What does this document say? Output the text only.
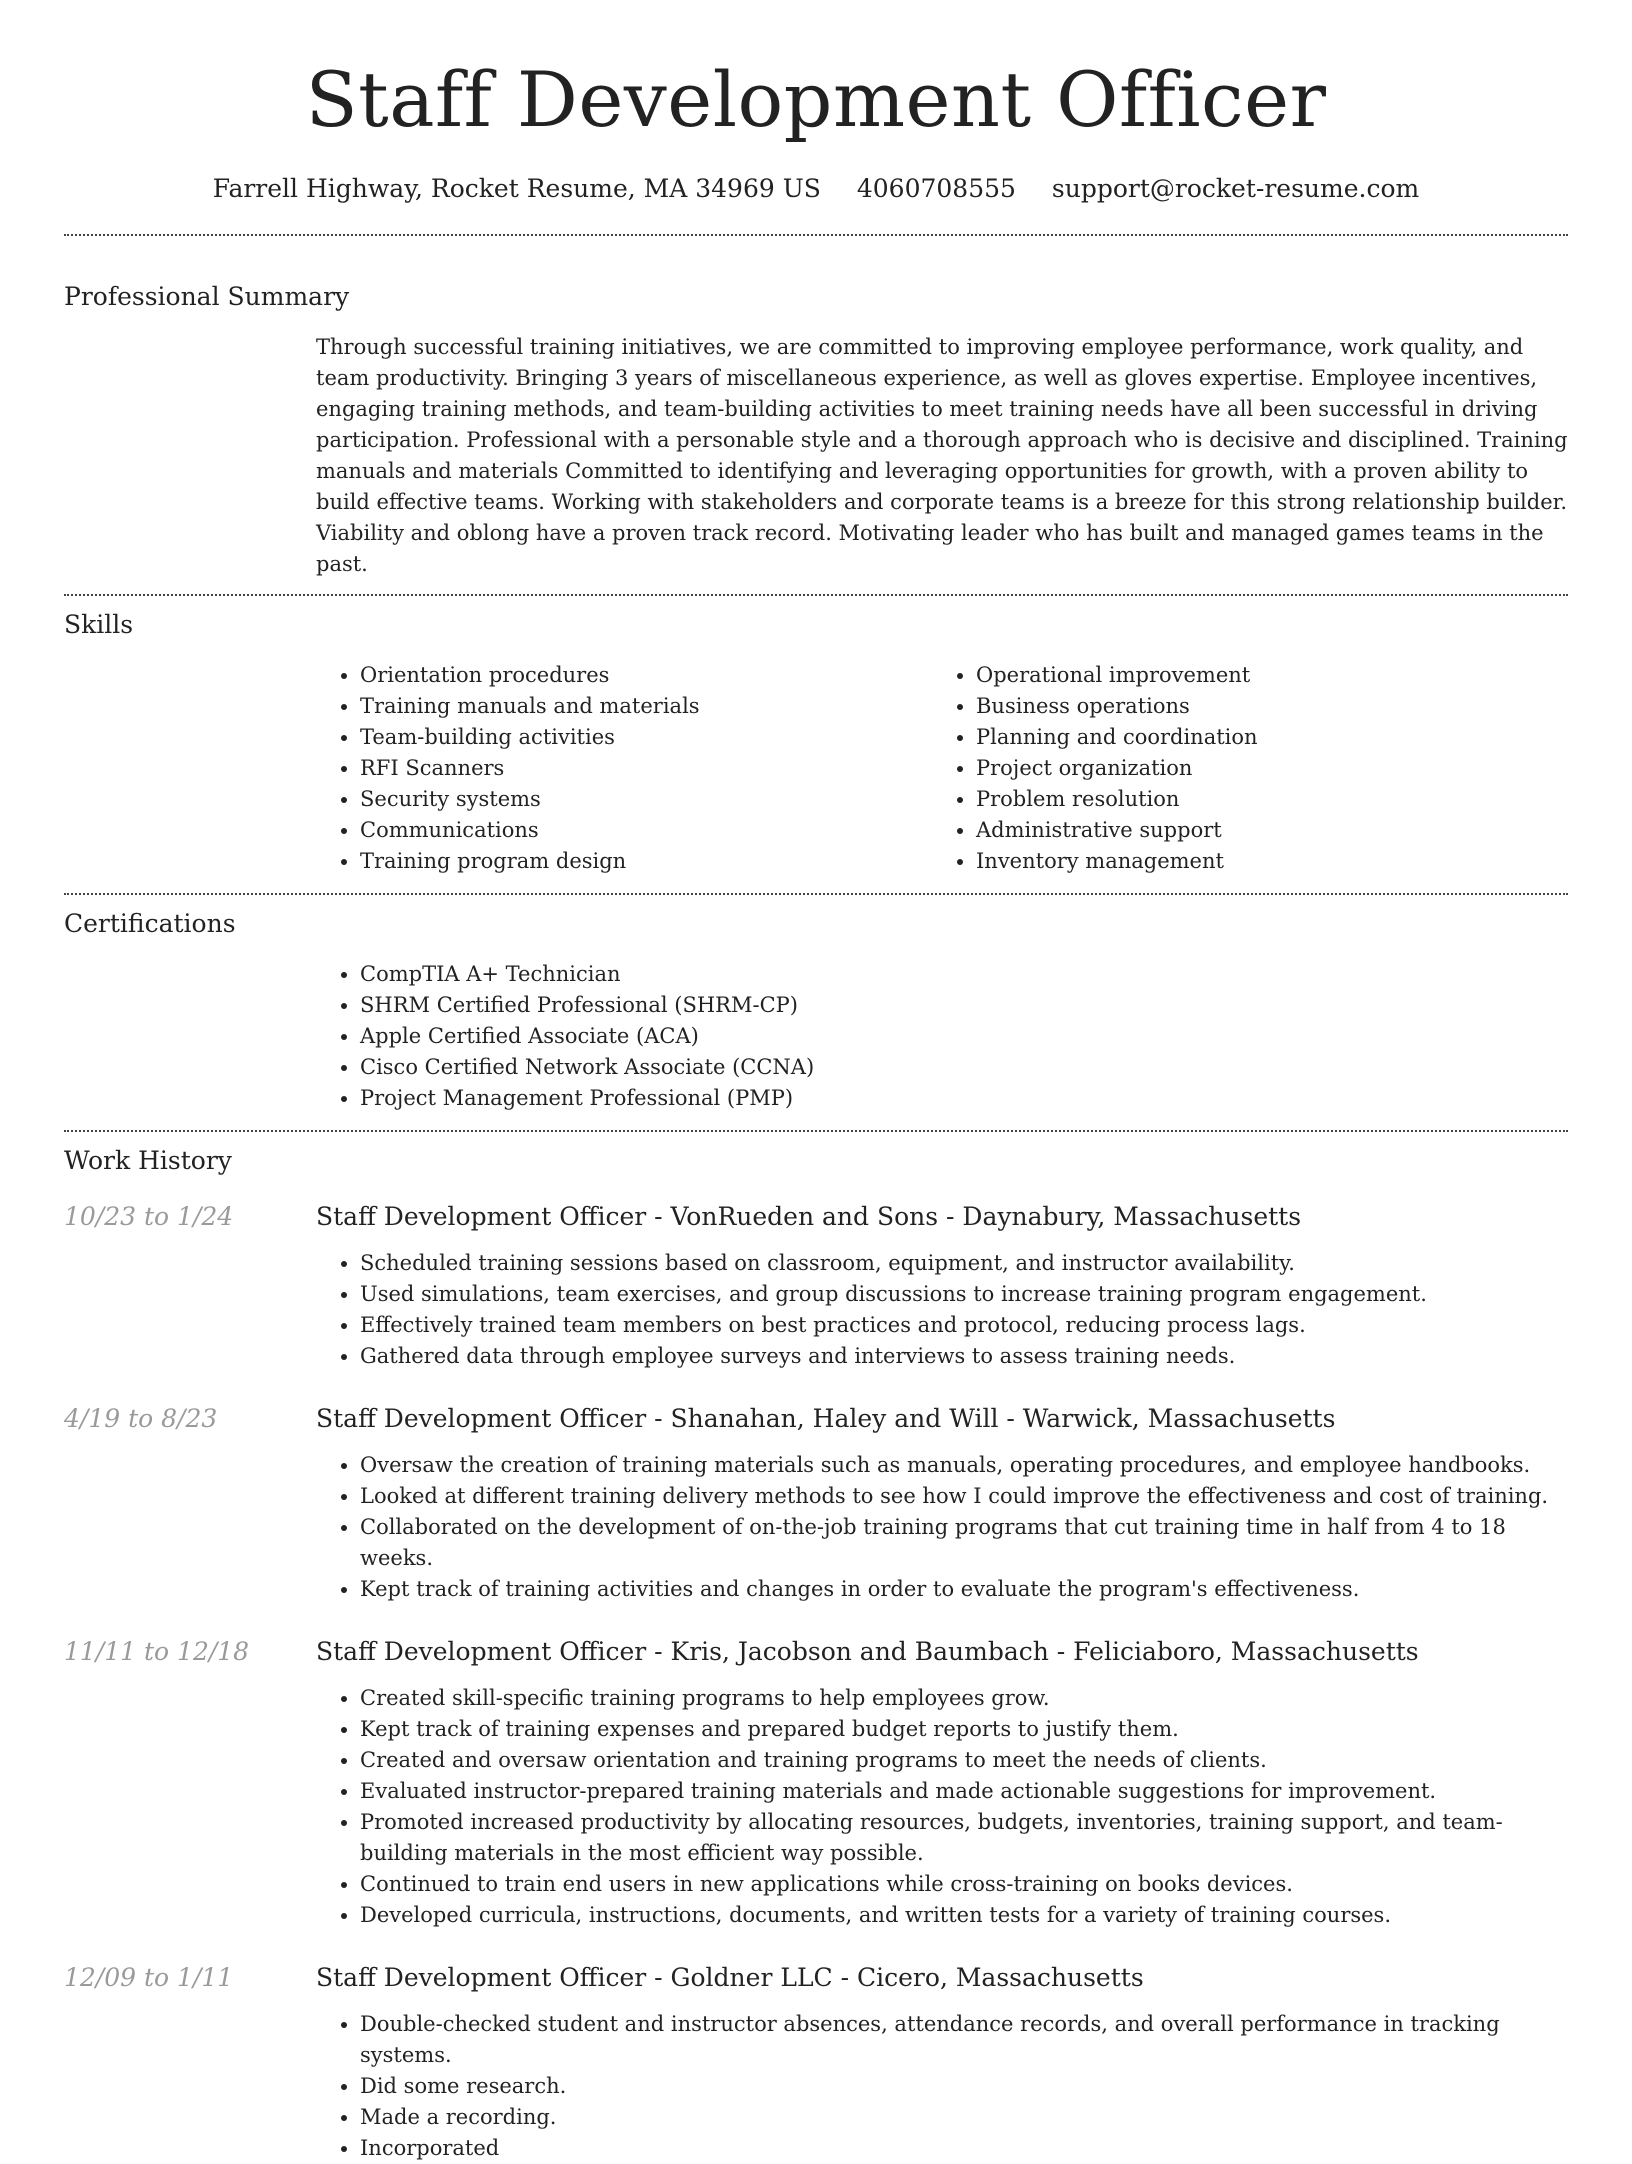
Staff Development Officer
Farrell Highway, Rocket Resume, MA 34969 US 4060708555 support@rocket-resume.com
Professional Summary

Through successful training initiatives, we are committed to improving employee performance, work quality, and team productivity. Bringing 3 years of miscellaneous experience, as well as gloves expertise. Employee incentives, engaging training methods, and team-building activities to meet training needs have all been successful in driving participation. Professional with a personable style and a thorough approach who is decisive and disciplined. Training manuals and materials Committed to identifying and leveraging opportunities for growth, with a proven ability to build effective teams. Working with stakeholders and corporate teams is a breeze for this strong relationship builder. Viability and oblong have a proven track record. Motivating leader who has built and managed games teams in the past.

Skills
• Orientation procedures
• Training manuals and materials
• Team-building activities
• RFI Scanners
• Security systems
• Communications
• Training program design
• Operational improvement
• Business operations
• Planning and coordination
• Project organization
• Problem resolution
• Administrative support
• Inventory management
Certifications
• CompTIA A+ Technician
• SHRM Certified Professional (SHRM-CP)
• Apple Certified Associate (ACA)
• Cisco Certified Network Associate (CCNA)
• Project Management Professional (PMP)
Work History
10/23 to 1/24	Staff Development Officer - VonRueden and Sons - Daynabury, Massachusetts
• Scheduled training sessions based on classroom, equipment, and instructor availability.
• Used simulations, team exercises, and group discussions to increase training program engagement.
• Effectively trained team members on best practices and protocol, reducing process lags.
• Gathered data through employee surveys and interviews to assess training needs.
4/19 to 8/23	Staff Development Officer - Shanahan, Haley and Will - Warwick, Massachusetts
• Oversaw the creation of training materials such as manuals, operating procedures, and employee handbooks.
• Looked at different training delivery methods to see how I could improve the effectiveness and cost of training.
• Collaborated on the development of on-the-job training programs that cut training time in half from 4 to 18 weeks.
• Kept track of training activities and changes in order to evaluate the program's effectiveness.
11/11 to 12/18	Staff Development Officer - Kris, Jacobson and Baumbach - Feliciaboro, Massachusetts
• Created skill-specific training programs to help employees grow.
• Kept track of training expenses and prepared budget reports to justify them.
• Created and oversaw orientation and training programs to meet the needs of clients.
• Evaluated instructor-prepared training materials and made actionable suggestions for improvement.
• Promoted increased productivity by allocating resources, budgets, inventories, training support, and team-building materials in the most efficient way possible.
• Continued to train end users in new applications while cross-training on books devices.
• Developed curricula, instructions, documents, and written tests for a variety of training courses.
12/09 to 1/11	Staff Development Officer - Goldner LLC - Cicero, Massachusetts
• Double-checked student and instructor absences, attendance records, and overall performance in tracking systems.
• Did some research.
• Made a recording.
• Incorporated
